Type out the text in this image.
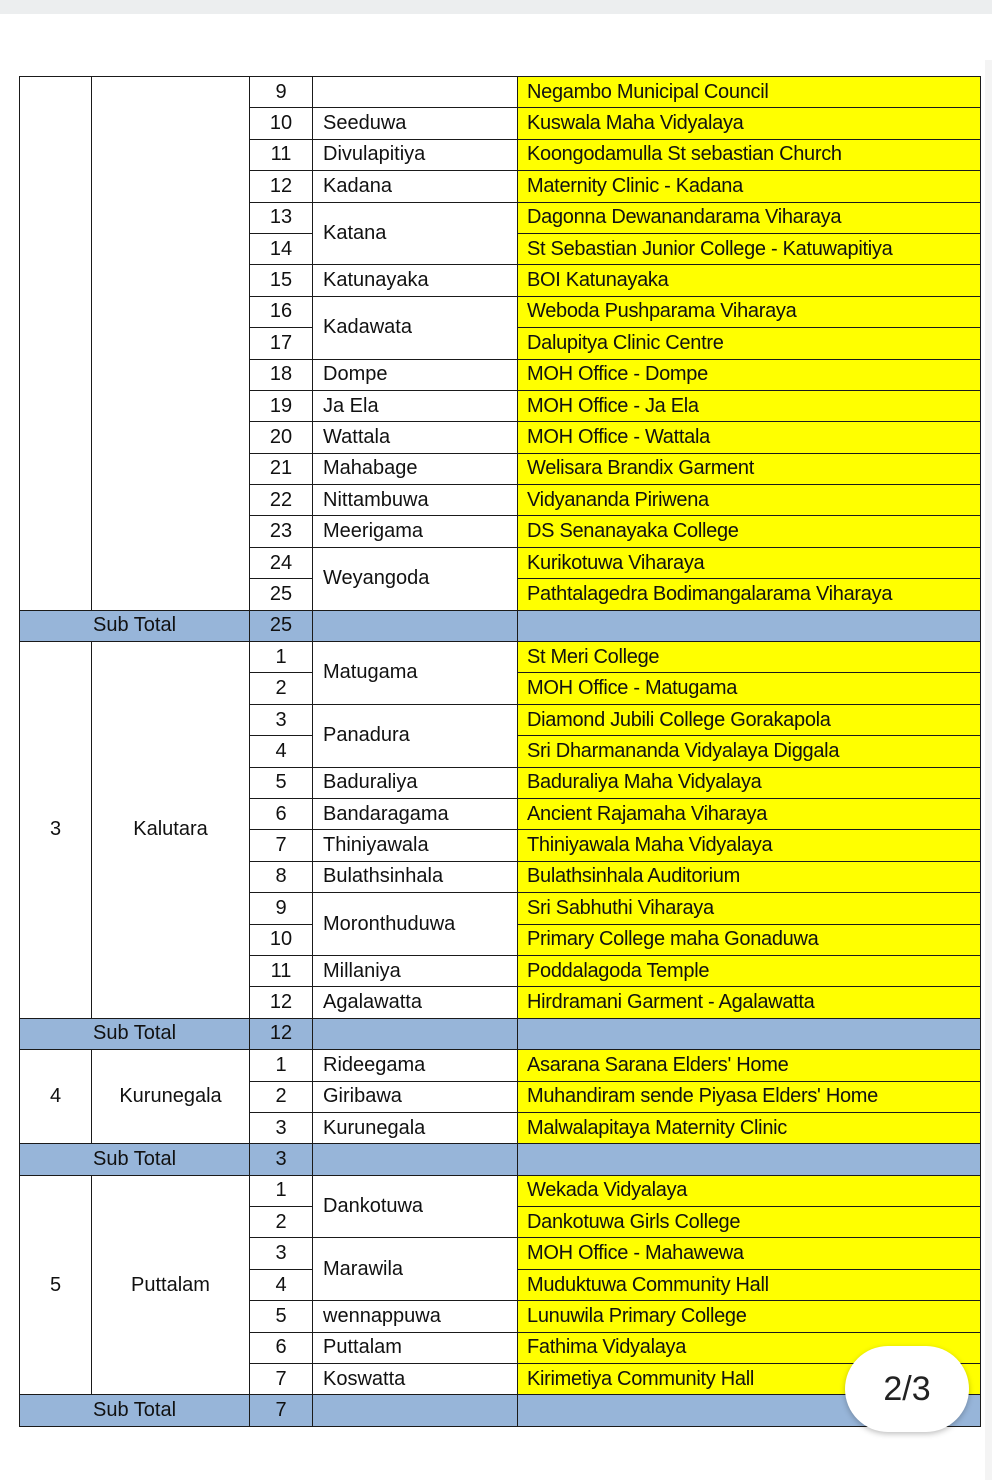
		9		Negambo Municipal Council
		10	Seeduwa	Kuswala Maha Vidyalaya
		11	Divulapitiya	Koongodamulla St sebastian Church
		12	Kadana	Maternity Clinic - Kadana
		13	Katana	Dagonna Dewanandarama Viharaya
		14		St Sebastian Junior College - Katuwapitiya
		15	Katunayaka	BOI Katunayaka
		16	Kadawata	Weboda Pushparama Viharaya
		17		Dalupitya Clinic Centre
		18	Dompe	MOH Office - Dompe
		19	Ja Ela	MOH Office - Ja Ela
		20	Wattala	MOH Office - Wattala
		21	Mahabage	Welisara Brandix Garment
		22	Nittambuwa	Vidyananda Piriwena
		23	Meerigama	DS Senanayaka College
		24	Weyangoda	Kurikotuwa Viharaya
		25		Pathtalagedra Bodimangalarama Viharaya
Sub Total		25		
3	Kalutara	1	Matugama	St Meri College
		2		MOH Office - Matugama
		3	Panadura	Diamond Jubili College Gorakapola
		4		Sri Dharmananda Vidyalaya Diggala
		5	Baduraliya	Baduraliya Maha Vidyalaya
		6	Bandaragama	Ancient Rajamaha Viharaya
		7	Thiniyawala	Thiniyawala Maha Vidyalaya
		8	Bulathsinhala	Bulathsinhala Auditorium
		9	Moronthuduwa	Sri Sabhuthi Viharaya
		10		Primary College maha Gonaduwa
		11	Millaniya	Poddalagoda Temple
		12	Agalawatta	Hirdramani Garment - Agalawatta
Sub Total		12		
4	Kurunegala	1	Rideegama	Asarana Sarana Elders' Home
		2	Giribawa	Muhandiram sende Piyasa Elders' Home
		3	Kurunegala	Malwalapitaya Maternity Clinic
Sub Total		3		
5	Puttalam	1	Dankotuwa	Wekada Vidyalaya
		2		Dankotuwa Girls College
		3	Marawila	MOH Office - Mahawewa
		4		Muduktuwa Community Hall
		5	wennappuwa	Lunuwila Primary College
		6	Puttalam	Fathima Vidyalaya
		7	Koswatta	Kirimetiya Community Hall
Sub Total		7		
2/3
